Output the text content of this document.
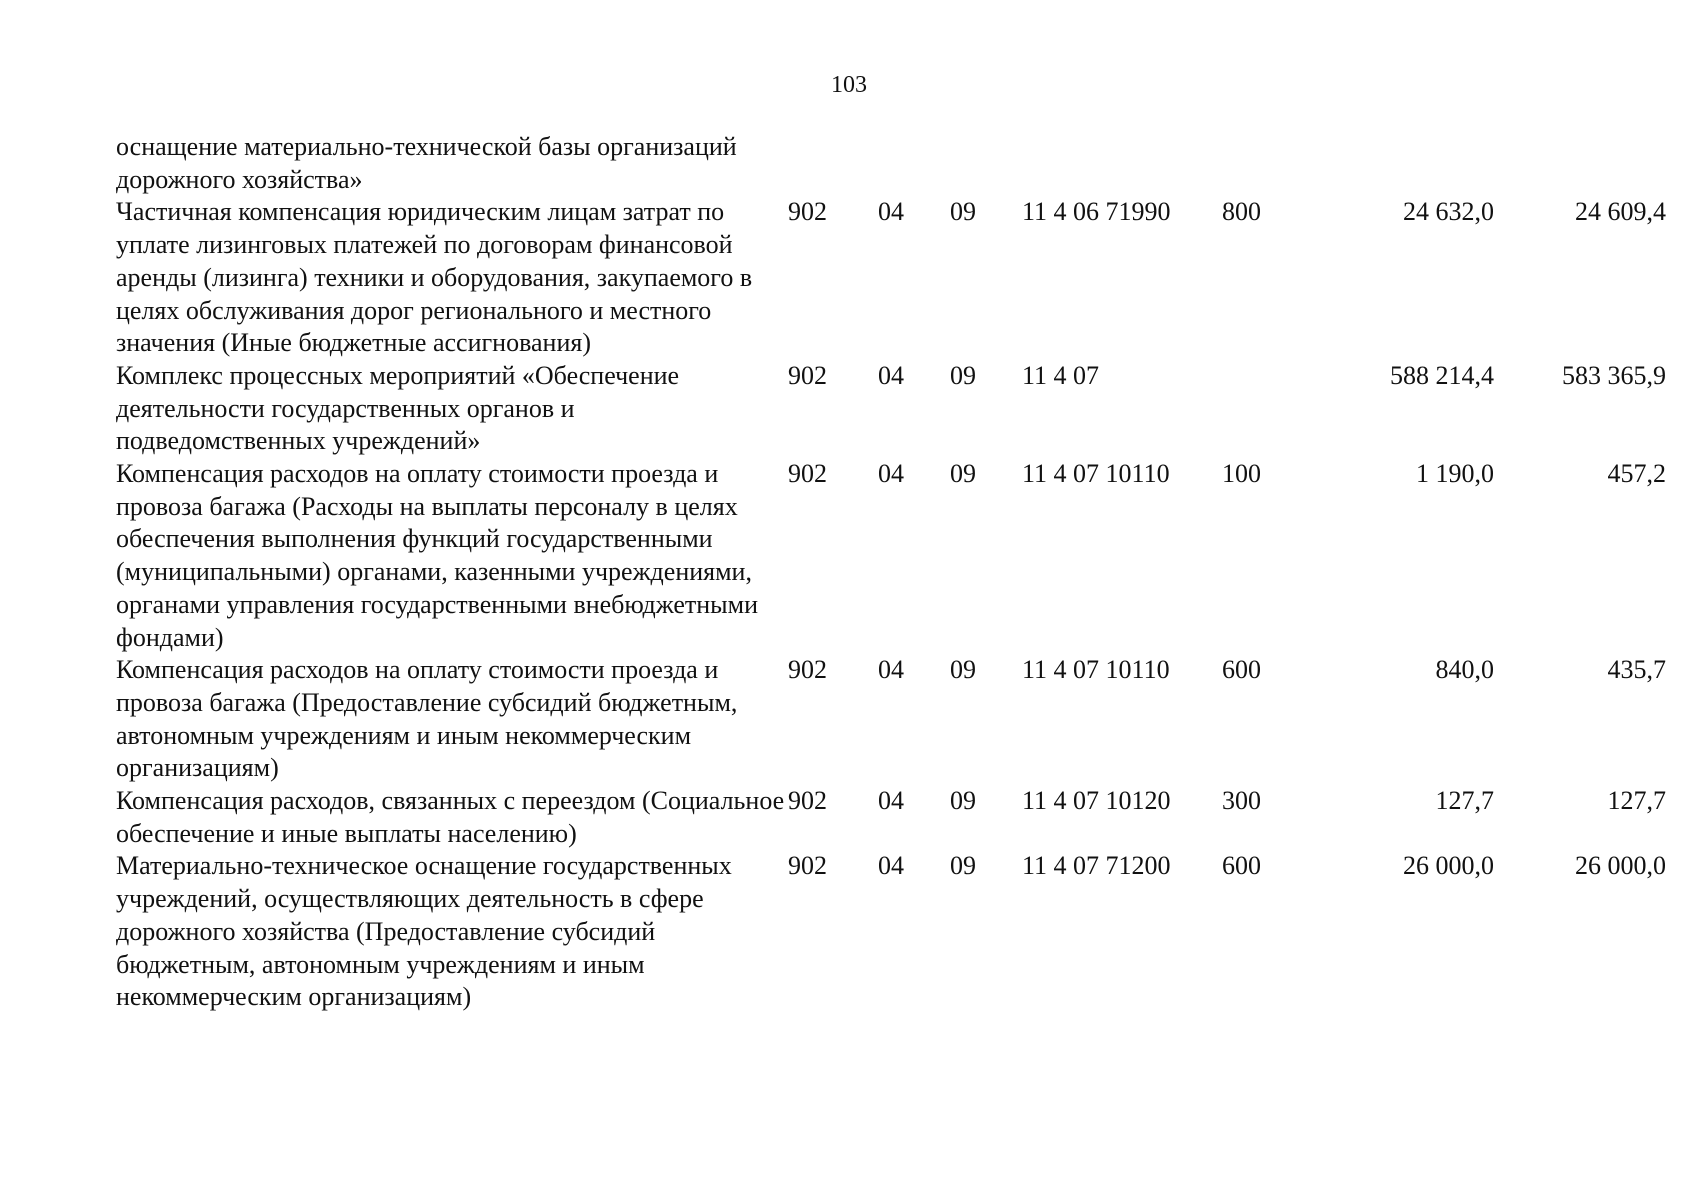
103
оснащение материально-технической базы организаций дорожного хозяйства»							
Частичная компенсация юридическим лицам затрат по уплате лизинговых платежей по договорам финансовой аренды (лизинга) техники и оборудования, закупаемого в целях обслуживания дорог регионального и местного значения (Иные бюджетные ассигнования)	902	04	09	11 4 06 71990	800	24 632,0	24 609,4
Комплекс процессных мероприятий «Обеспечение деятельности государственных органов и подведомственных учреждений»	902	04	09	11 4 07		588 214,4	583 365,9
Компенсация расходов на оплату стоимости проезда и провоза багажа (Расходы на выплаты персоналу в целях обеспечения выполнения функций государственными (муниципальными) органами, казенными учреждениями, органами управления государственными внебюджетными фондами)	902	04	09	11 4 07 10110	100	1 190,0	457,2
Компенсация расходов на оплату стоимости проезда и провоза багажа (Предоставление субсидий бюджетным, автономным учреждениям и иным некоммерческим организациям)	902	04	09	11 4 07 10110	600	840,0	435,7
Компенсация расходов, связанных с переездом (Социальное обеспечение и иные выплаты населению)	902	04	09	11 4 07 10120	300	127,7	127,7
Материально-техническое оснащение государственных учреждений, осуществляющих деятельность в сфере дорожного хозяйства (Предоставление субсидий бюджетным, автономным учреждениям и иным некоммерческим организациям)	902	04	09	11 4 07 71200	600	26 000,0	26 000,0
